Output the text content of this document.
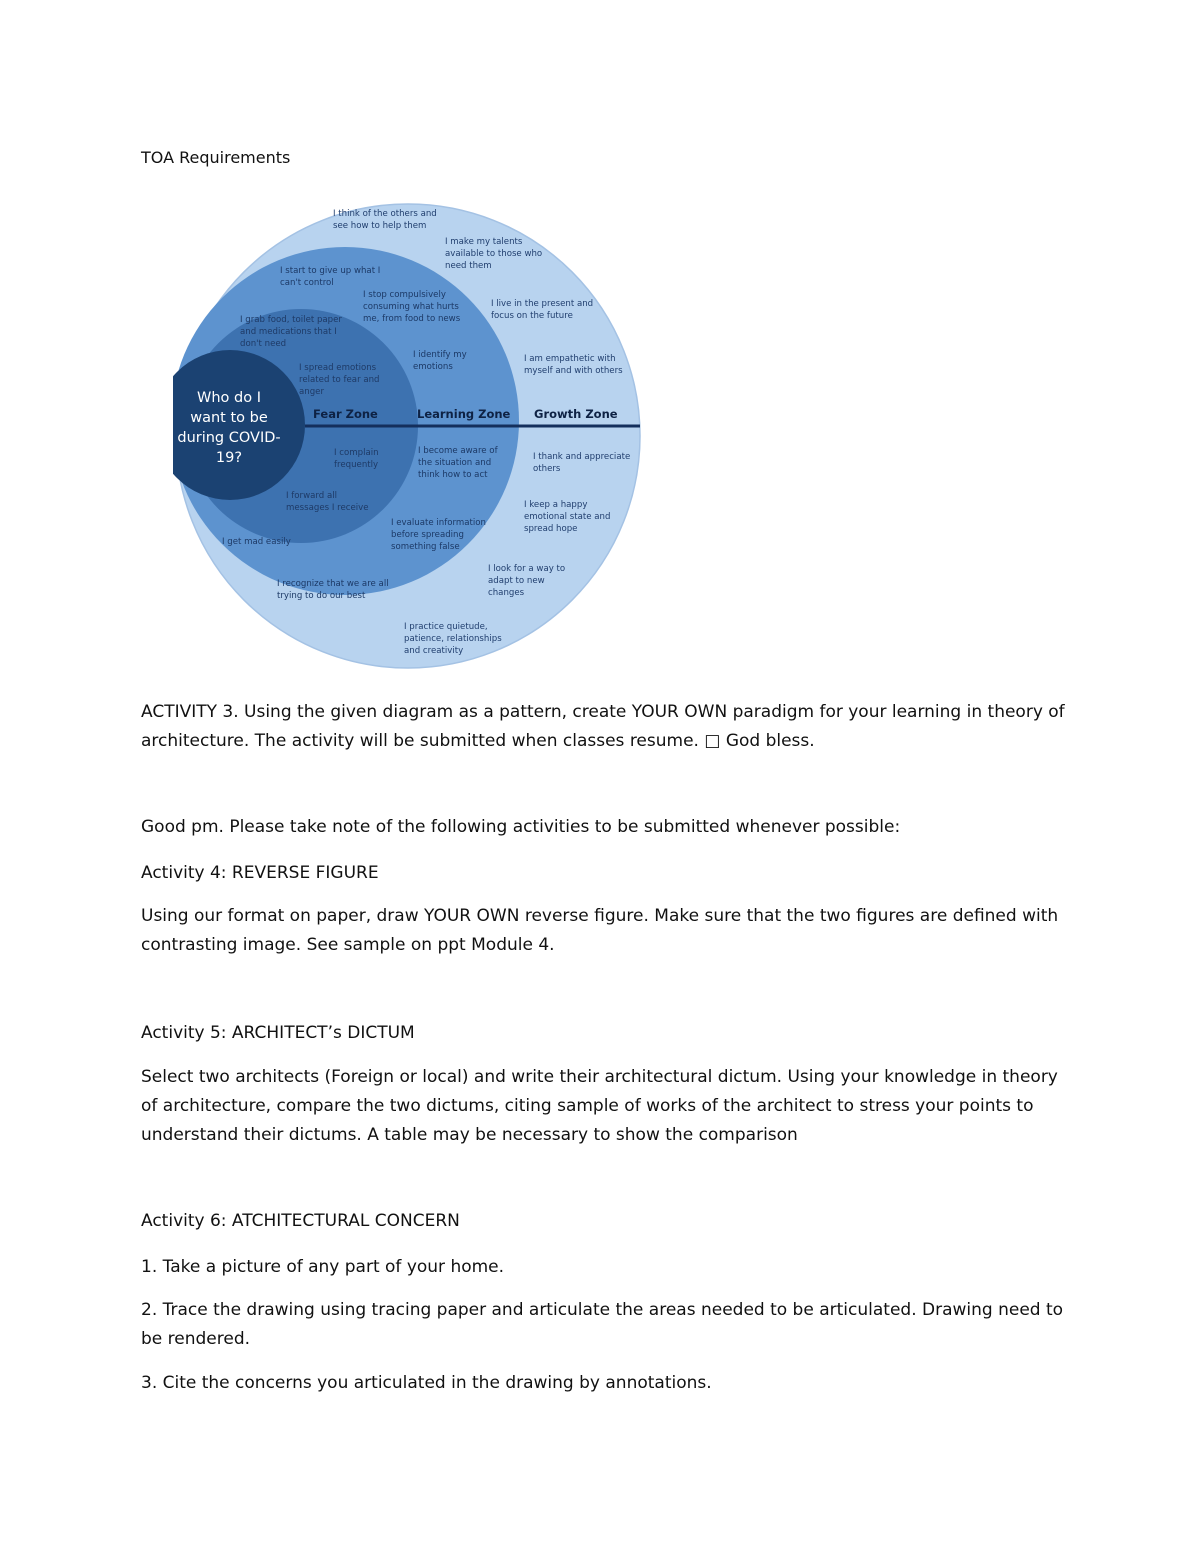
TOA Requirements

Who do I
want to be
during COVID-
19?
Fear Zone	Learning Zone Growth Zone
I think of the others and
see how to help them
I make my talents
available to those who
need them
I live in the present and
focus on the future
I am empathetic with
myself and with others
I thank and appreciate
others
I keep a happy
emotional state and
spread hope
I look for a way to
adapt to new
changes
I practice quietude,
patience, relationships
and creativity
I start to give up what I
can't control
I stop compulsively
consuming what hurts
me, from food to news
I identify my
emotions
I become aware of
the situation and
think how to act
I evaluate information
before spreading
something false
I recognize that we are all
trying to do our best
I grab food, toilet paper
and medications that I
don't need
I spread emotions
related to fear and
anger
I complain
frequently
I forward all
messages I receive
I get mad easily

ACTIVITY 3. Using the given diagram as a pattern, create YOUR OWN paradigm for your learning in theory of architecture. The activity will be submitted when classes resume. □ God bless.

Good pm. Please take note of the following activities to be submitted whenever possible:

Activity 4: REVERSE FIGURE

Using our format on paper, draw YOUR OWN reverse figure. Make sure that the two figures are defined with contrasting image. See sample on ppt Module 4.

Activity 5: ARCHITECT’s DICTUM

Select two architects (Foreign or local) and write their architectural dictum. Using your knowledge in theory of architecture, compare the two dictums, citing sample of works of the architect to stress your points to understand their dictums. A table may be necessary to show the comparison

Activity 6: ATCHITECTURAL CONCERN

1. Take a picture of any part of your home.

2. Trace the drawing using tracing paper and articulate the areas needed to be articulated. Drawing need to be rendered.

3. Cite the concerns you articulated in the drawing by annotations.
